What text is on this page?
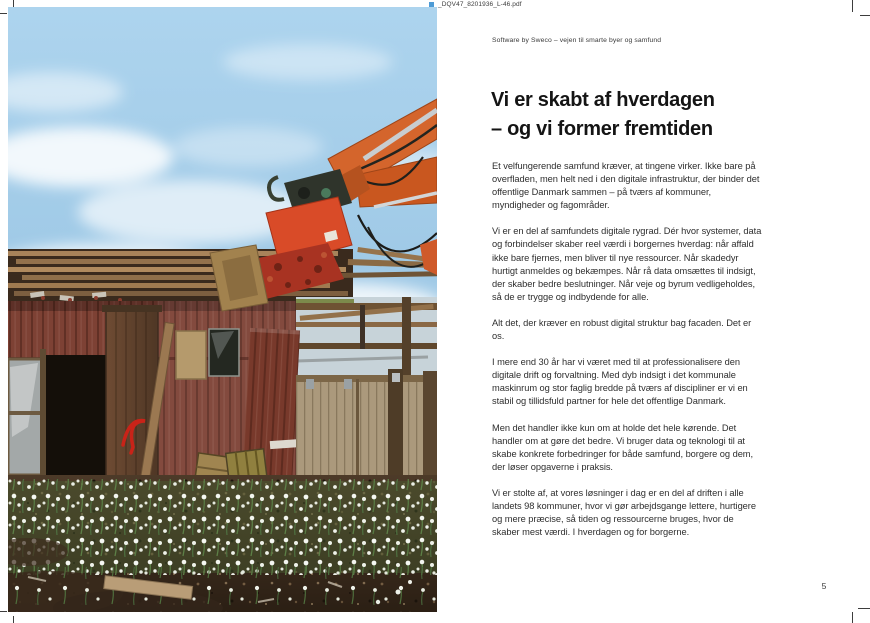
_DQV47_8201936_L-46.pdf
Software by Sweco – vejen til smarte byer og samfund
Vi er skabt af hverdagen
– og vi former fremtiden

Et velfungerende samfund kræver, at tingene virker. Ikke bare på overfladen, men helt ned i den digitale infrastruktur, der binder det offentlige Danmark sammen – på tværs af kommuner, myndigheder og fagområder.

Vi er en del af samfundets digitale rygrad. Dér hvor systemer, data og forbindelser skaber reel værdi i borgernes hverdag: når affald ikke bare fjernes, men bliver til nye ressourcer. Når skadedyr hurtigt anmeldes og bekæmpes. Når rå data omsættes til indsigt, der skaber bedre beslutninger. Når veje og byrum vedligeholdes, så de er trygge og indbydende for alle.

Alt det, der kræver en robust digital struktur bag facaden. Det er os.

I mere end 30 år har vi været med til at professionalisere den digitale drift og forvaltning. Med dyb indsigt i det kommunale maskinrum og stor faglig bredde på tværs af discipliner er vi en stabil og tillidsfuld partner for hele det offentlige Danmark.

Men det handler ikke kun om at holde det hele kørende. Det handler om at gøre det bedre. Vi bruger data og teknologi til at skabe konkrete forbedringer for både samfund, borgere og dem, der løser opgaverne i praksis.

Vi er stolte af, at vores løsninger i dag er en del af driften i alle landets 98 kommuner, hvor vi gør arbejdsgange lettere, hurtigere og mere præcise, så tiden og ressourcerne bruges, hvor de skaber mest værdi. I hverdagen og for borgerne.

5
